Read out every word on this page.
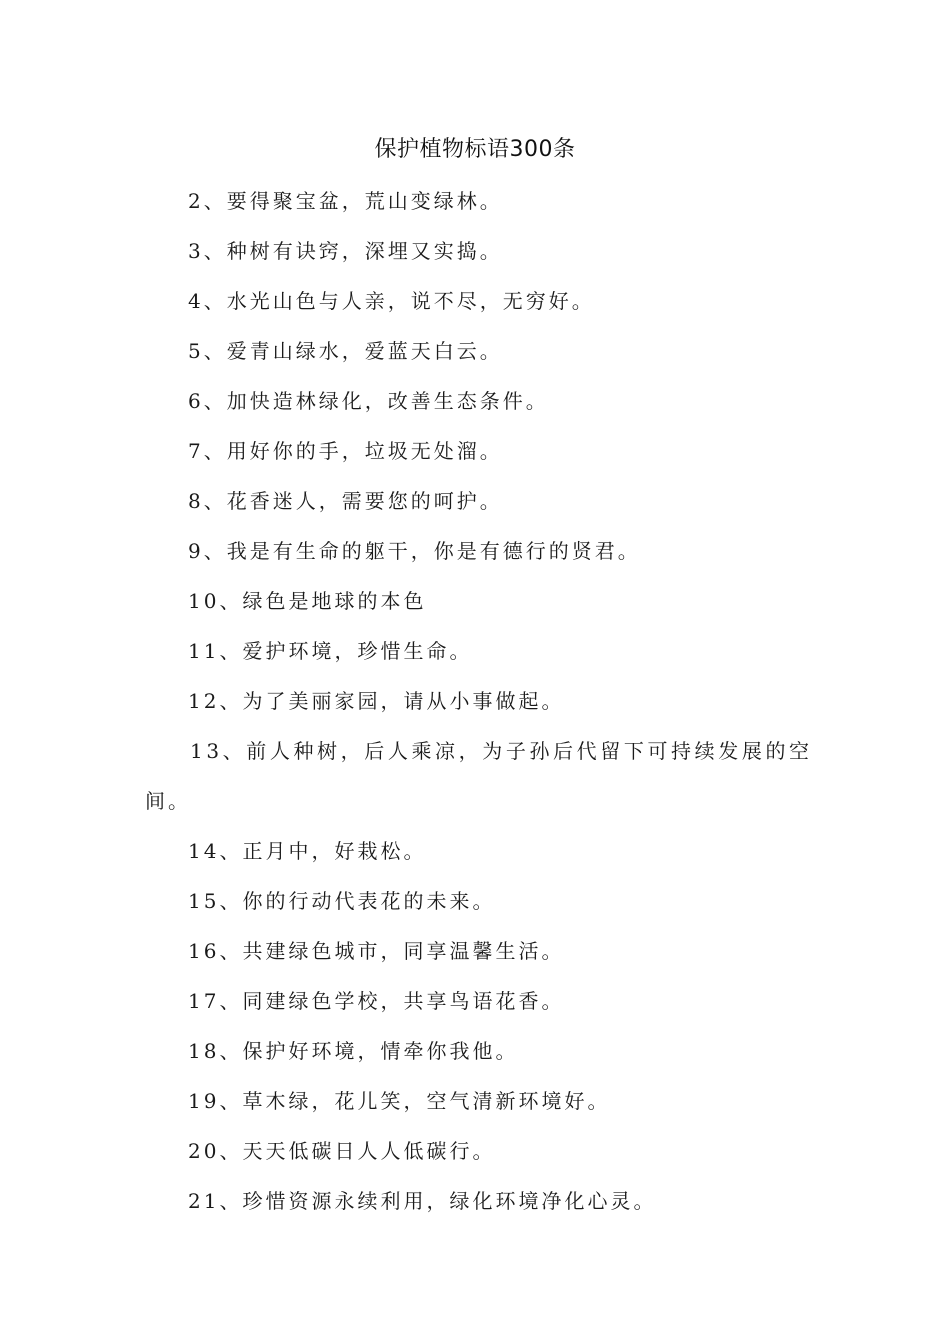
保护植物标语300条
2、要得聚宝盆，荒山变绿林。
3、种树有诀窍，深埋又实捣。
4、水光山色与人亲，说不尽，无穷好。
5、爱青山绿水，爱蓝天白云。
6、加快造林绿化，改善生态条件。
7、用好你的手，垃圾无处溜。
8、花香迷人，需要您的呵护。
9、我是有生命的躯干，你是有德行的贤君。
10、绿色是地球的本色
11、爱护环境，珍惜生命。
12、为了美丽家园，请从小事做起。
13、前人种树，后人乘凉，为子孙后代留下可持续发展的空
间。
14、正月中，好栽松。
15、你的行动代表花的未来。
16、共建绿色城市，同享温馨生活。
17、同建绿色学校，共享鸟语花香。
18、保护好环境，情牵你我他。
19、草木绿，花儿笑，空气清新环境好。
20、天天低碳日人人低碳行。
21、珍惜资源永续利用，绿化环境净化心灵。
